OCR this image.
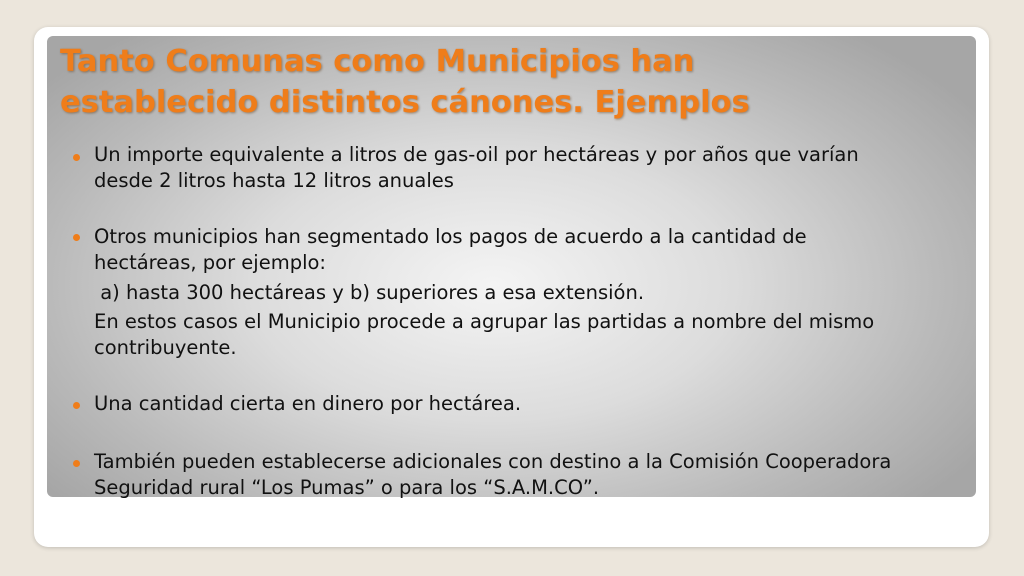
Tanto Comunas como Municipios han
establecido distintos cánones. Ejemplos
Un importe equivalente a litros de gas-oil por hectáreas y por años que varían
desde 2 litros hasta 12 litros anuales
Otros municipios han segmentado los pagos de acuerdo a la cantidad de
hectáreas, por ejemplo:
a) hasta 300 hectáreas y b) superiores a esa extensión.
En estos casos el Municipio procede a agrupar las partidas a nombre del mismo
contribuyente.
Una cantidad cierta en dinero por hectárea.
También pueden establecerse adicionales con destino a la Comisión Cooperadora
Seguridad rural “Los Pumas” o para los “S.A.M.CO”.
